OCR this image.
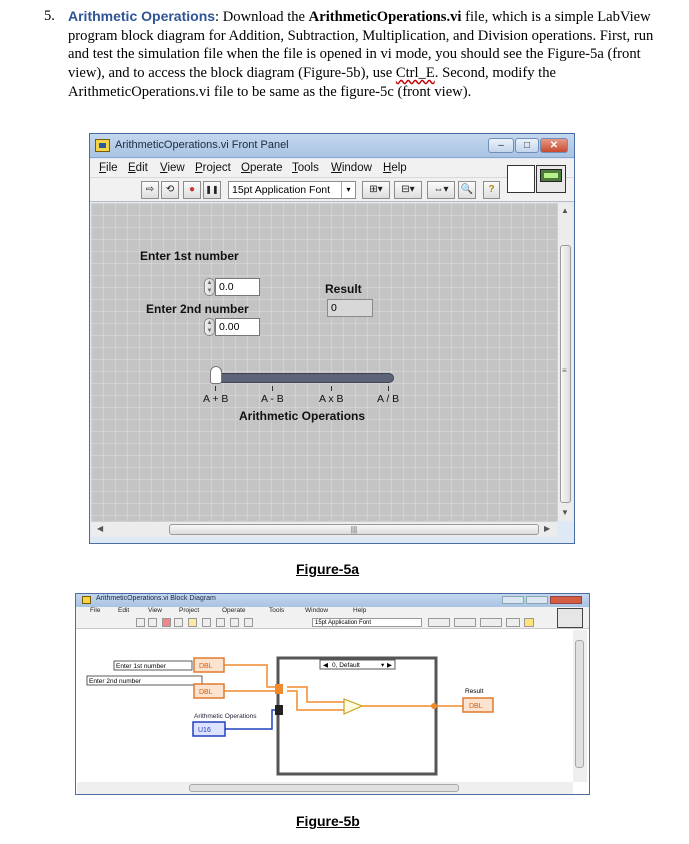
5. Arithmetic Operations: Download the ArithmeticOperations.vi file, which is a simple LabView program block diagram for Addition, Subtraction, Multiplication, and Division operations. First, run and test the simulation file when the file is opened in vi mode, you should see the Figure-5a (front view), and to access the block diagram (Figure-5b), use Ctrl_E. Second, modify the ArithmeticOperations.vi file to be same as the figure-5c (front view).
ArithmeticOperations.vi Front Panel	–	□	✕
File Edit View Project Operate Tools Window Help
⇨	⟲	●	❚❚	15pt Application Font	▾	⊞▾	⊟▾	⇔▾	🔍	?
Enter 1st number
▲
▼ 0.0
Enter 2nd number
▲
▼ 0.00
Result
0
A + B	A - B	A x B	A / B
Arithmetic Operations
▲
≡
▼
◀	|||	▶
Figure-5a
ArithmeticOperations.vi Block Diagram
File	Edit	View	Project	Operate	Tools	Window	Help
15pt Application Font
◀ 0, Default	▾ ▶
Enter 1st number
Enter 2nd number
DBL
DBL
Arithmetic Operations
U16
Result
DBL
Figure-5b
